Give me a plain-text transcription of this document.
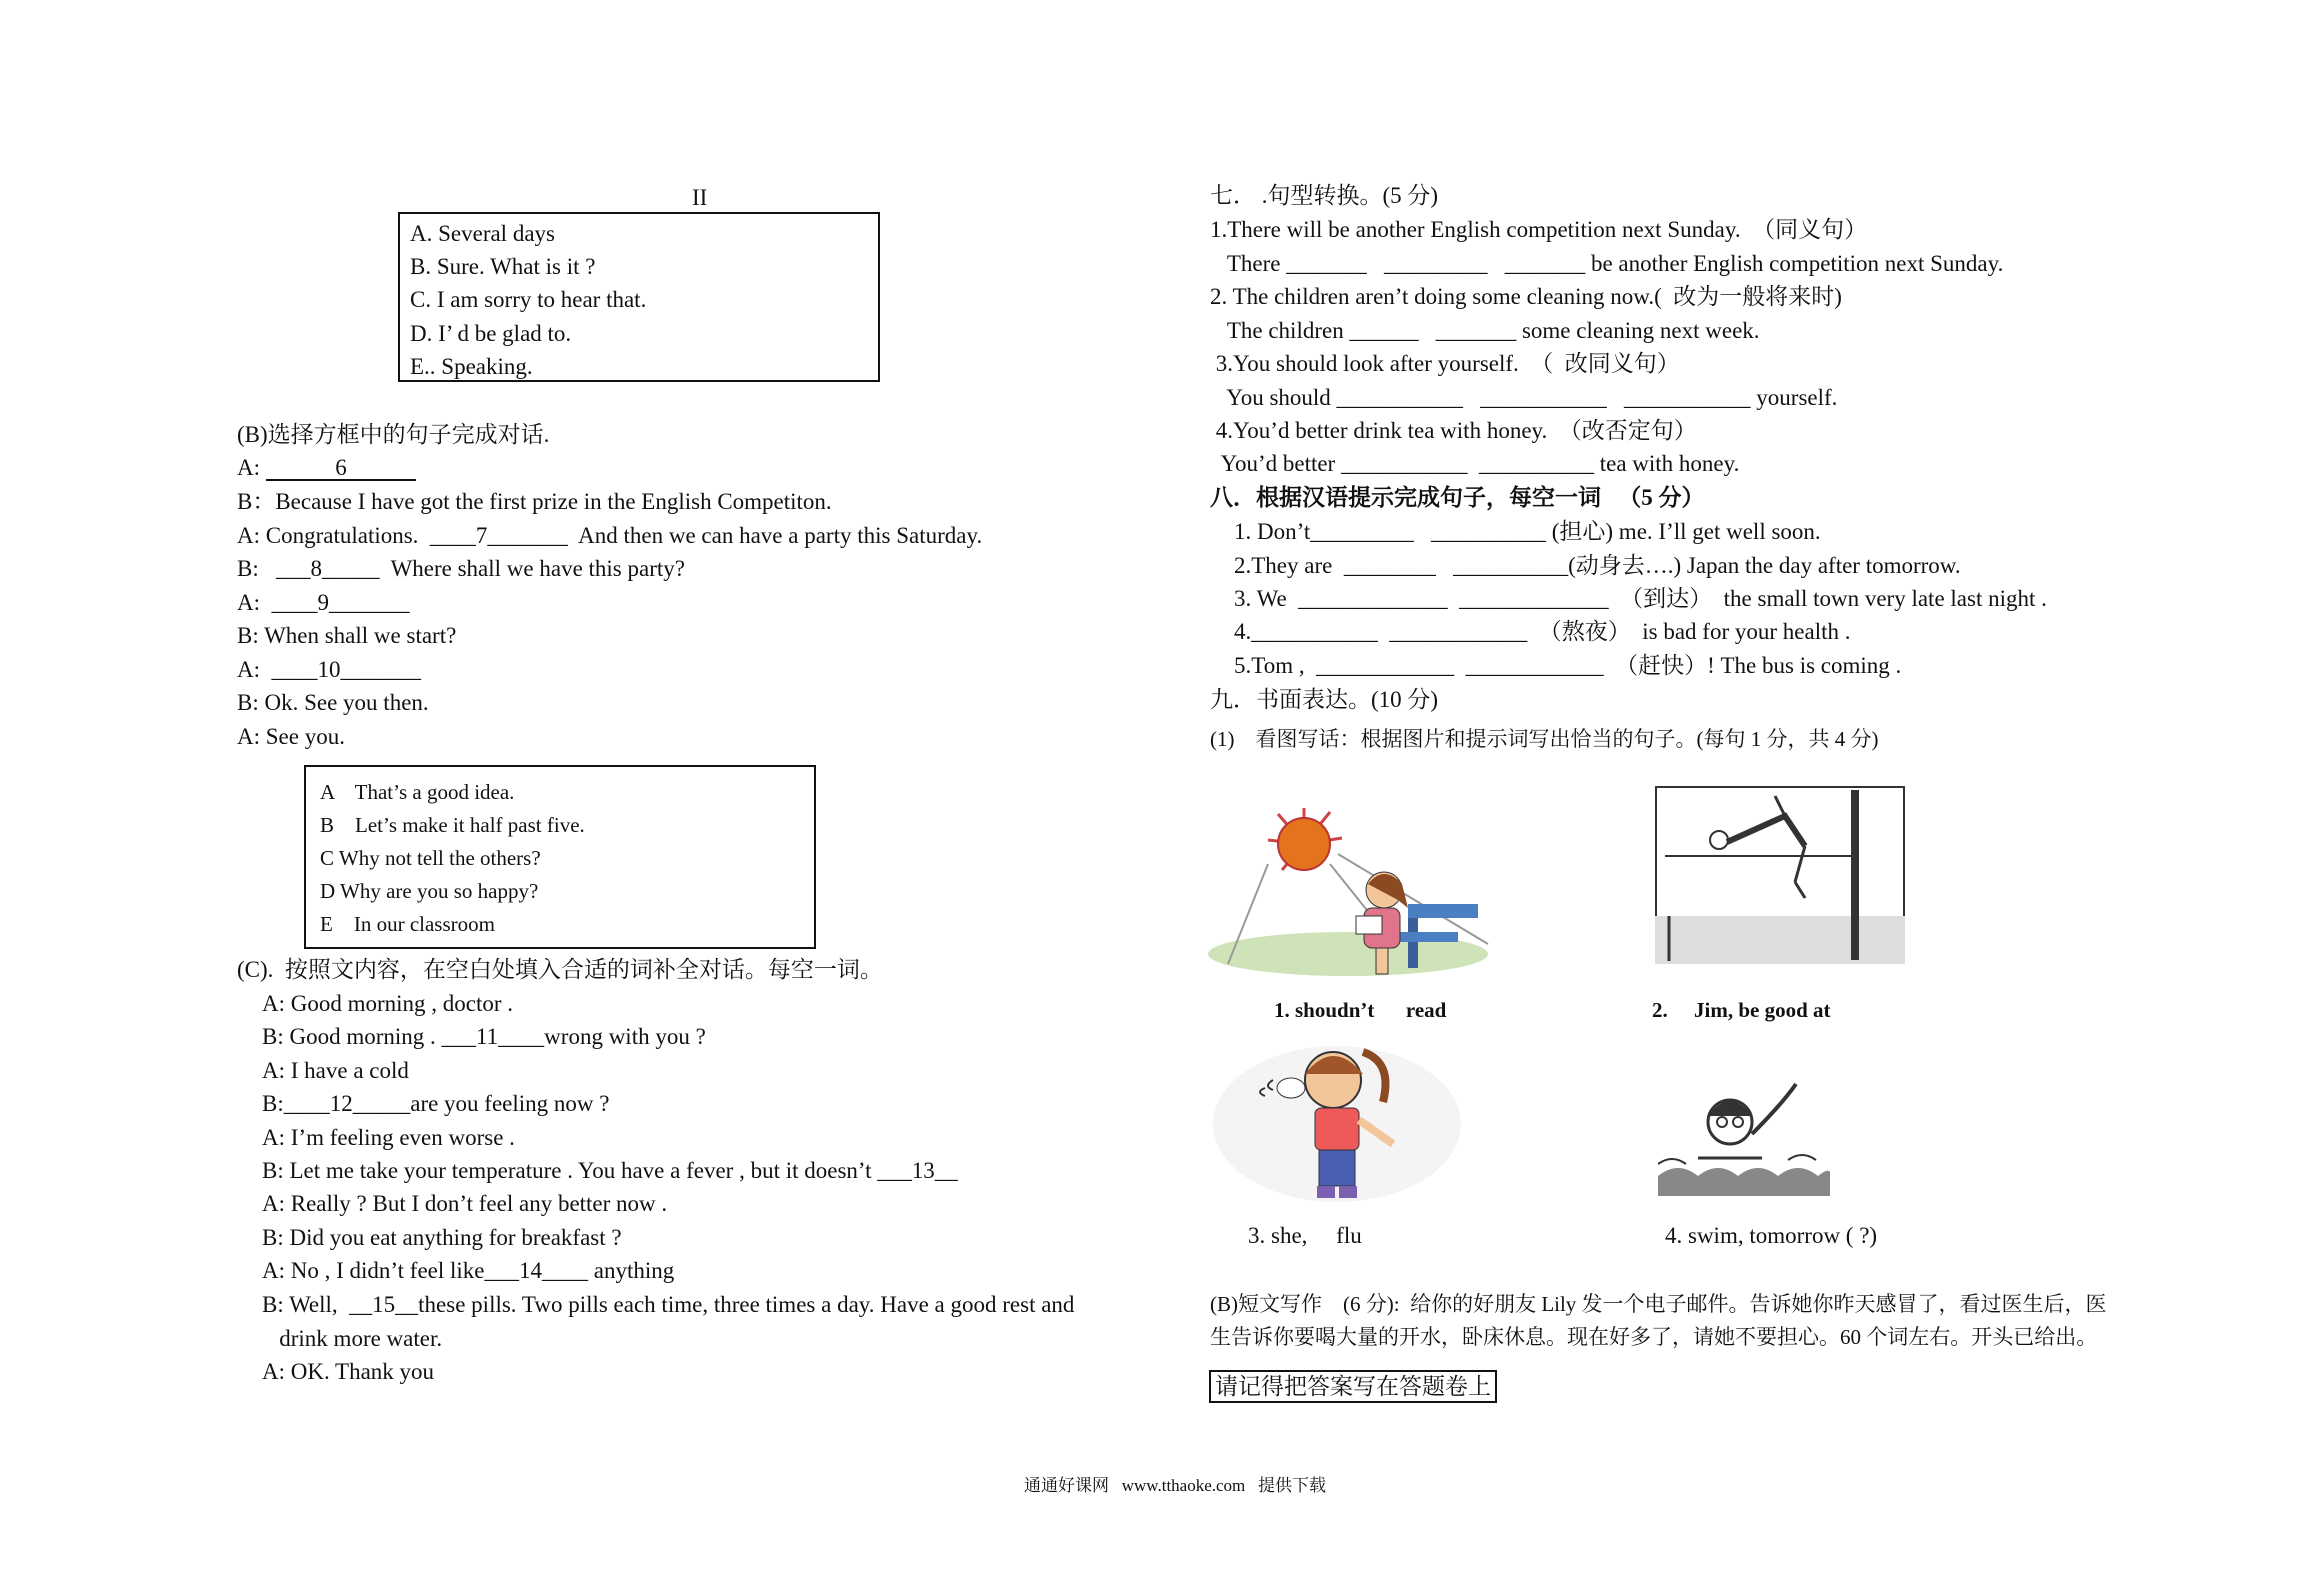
II
A. Several days
B. Sure. What is it ?
C. I am sorry to hear that.
D. I’ d be glad to.
E.. Speaking.
(B)选择方框中的句子完成对话.
A:	6
B：Because I have got the first prize in the English Competiton.
A: Congratulations.  ____7_______  And then we can have a party this Saturday.
B:   ___8_____  Where shall we have this party?
A:  ____9_______
B: When shall we start?
A:  ____10_______
B: Ok. See you then.
A: See you.
A    That’s a good idea.
B    Let’s make it half past five.
C Why not tell the others?
D Why are you so happy?
E    In our classroom
(C).  按照文内容，在空白处填入合适的词补全对话。每空一词。
A: Good morning , doctor .
B: Good morning . ___11____wrong with you ?
A: I have a cold
B:____12_____are you feeling now ?
A: I’m feeling even worse .
B: Let me take your temperature . You have a fever , but it doesn’t ___13__
A: Really ? But I don’t feel any better now .
B: Did you eat anything for breakfast ?
A: No , I didn’t feel like___14____ anything
B: Well,  __15__these pills. Two pills each time, three times a day. Have a good rest and
drink more water.
A: OK. Thank you
七． .句型转换。(5 分)
1.There will be another English competition next Sunday.  （同义句）
There _______   _________   _______ be another English competition next Sunday.
2. The children aren’t doing some cleaning now.(  改为一般将来时)
The children ______   _______ some cleaning next week.
3.You should look after yourself.  （  改同义句）
You should ___________   ___________   ___________ yourself.
4.You’d better drink tea with honey.  （改否定句）
You’d better ___________  __________ tea with honey.
八．根据汉语提示完成句子，每空一词   （5 分）
1. Don’t_________   __________ (担心) me. I’ll get well soon.
2.They are  ________   __________(动身去….) Japan the day after tomorrow.
3. We  _____________  _____________  （到达）  the small town very late last night .
4.___________  ____________  （熬夜）  is bad for your health .
5.Tom ,  ____________  ____________  （赶快）! The bus is coming .
九．书面表达。(10 分)
(1)    看图写话：根据图片和提示词写出恰当的句子。(每句 1 分，共 4 分)
1. shoudn’t      read	2.     Jim, be good at
3. she,     flu	4. swim, tomorrow ( ?)
(B)短文写作    (6 分):  给你的好朋友 Lily 发一个电子邮件。告诉她你昨天感冒了，看过医生后，医
生告诉你要喝大量的开水，卧床休息。现在好多了，请她不要担心。60 个词左右。开头已给出。
请记得把答案写在答题卷上
通通好课网   www.tthaoke.com   提供下载
